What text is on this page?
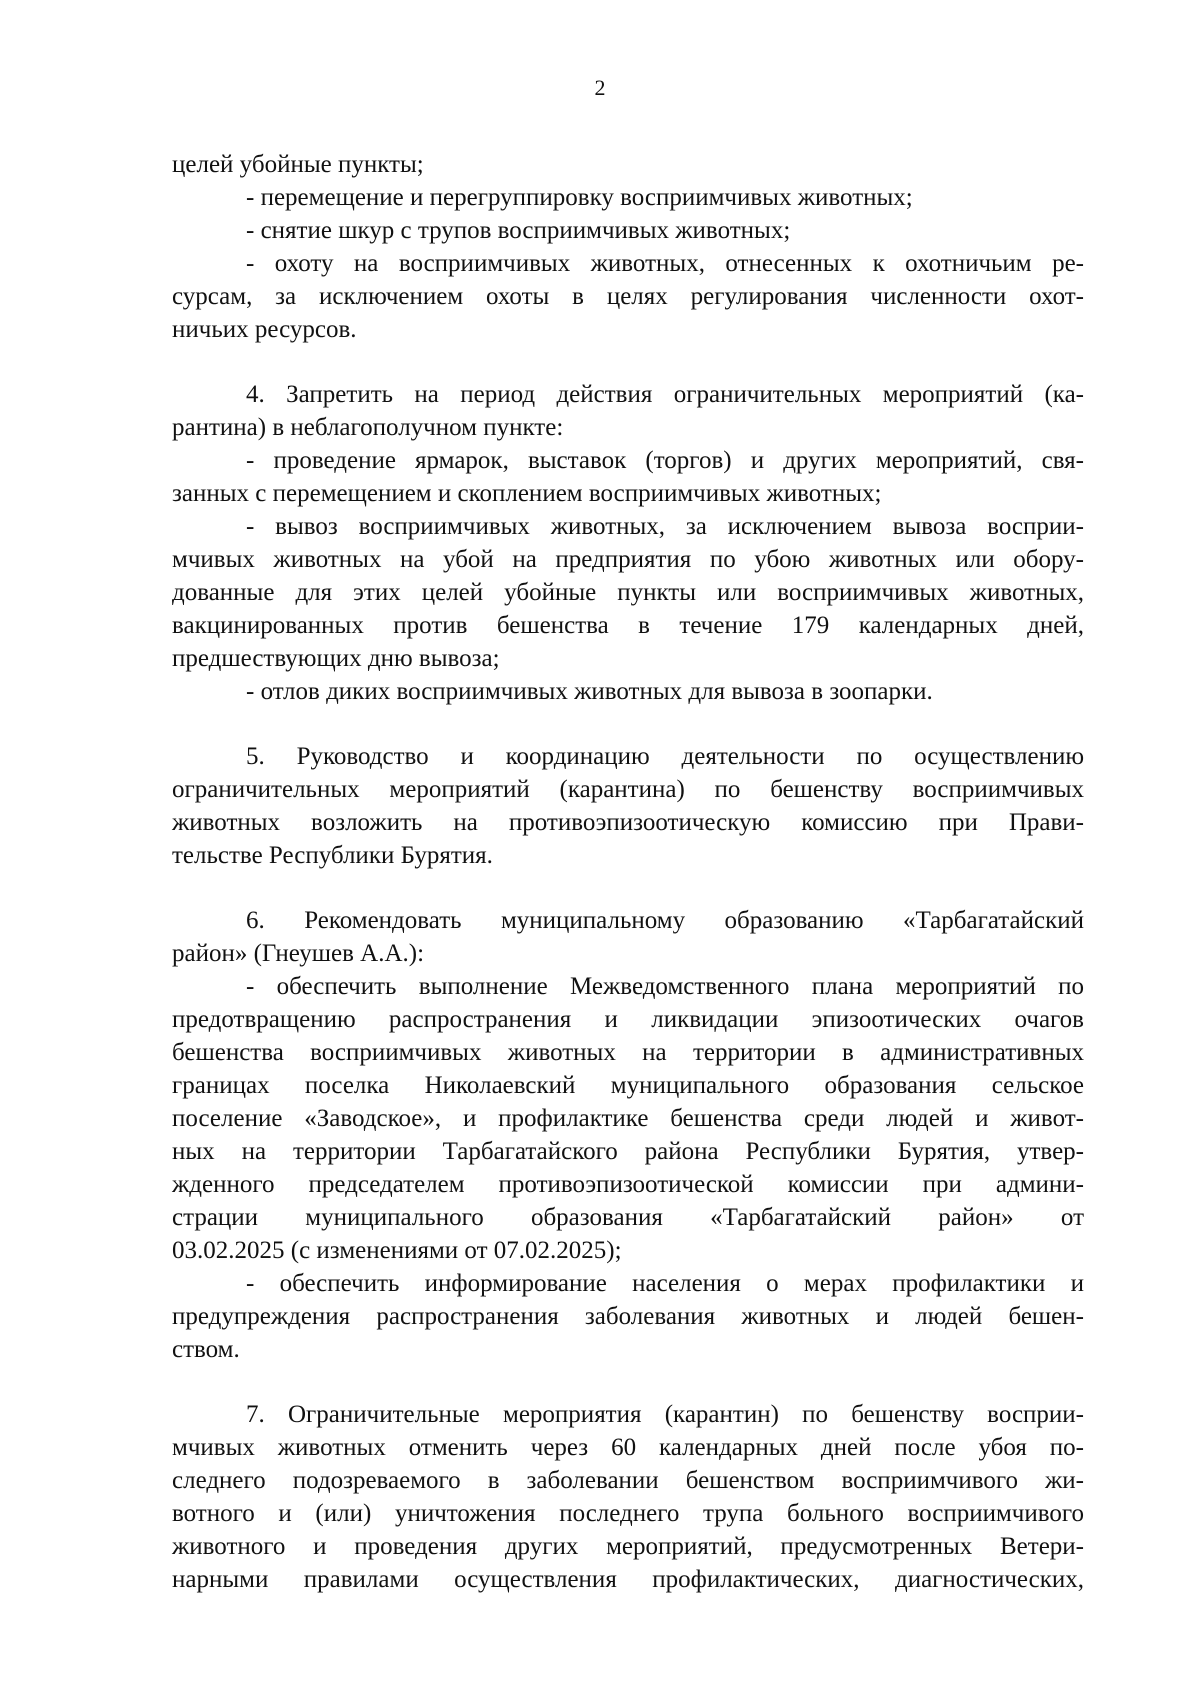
2
целей убойные пункты;
- перемещение и перегруппировку восприимчивых животных;
- снятие шкур с трупов восприимчивых животных;
- охоту на восприимчивых животных, отнесенных к охотничьим ре-
сурсам, за исключением охоты в целях регулирования численности охот-
ничьих ресурсов.
4. Запретить на период действия ограничительных мероприятий (ка-
рантина) в неблагополучном пункте:
- проведение ярмарок, выставок (торгов) и других мероприятий, свя-
занных с перемещением и скоплением восприимчивых животных;
- вывоз восприимчивых животных, за исключением вывоза восприи-
мчивых животных на убой на предприятия по убою животных или обору-
дованные для этих целей убойные пункты или восприимчивых животных,
вакцинированных против бешенства в течение 179 календарных дней,
предшествующих дню вывоза;
- отлов диких восприимчивых животных для вывоза в зоопарки.
5. Руководство и координацию деятельности по осуществлению
ограничительных мероприятий (карантина) по бешенству восприимчивых
животных возложить на противоэпизоотическую комиссию при Прави-
тельстве Республики Бурятия.
6. Рекомендовать муниципальному образованию «Тарбагатайский
район» (Гнеушев А.А.):
- обеспечить выполнение Межведомственного плана мероприятий по
предотвращению распространения и ликвидации эпизоотических очагов
бешенства восприимчивых животных на территории в административных
границах поселка Николаевский муниципального образования сельское
поселение «Заводское», и профилактике бешенства среди людей и живот-
ных на территории Тарбагатайского района Республики Бурятия, утвер-
жденного председателем противоэпизоотической комиссии при админи-
страции муниципального образования «Тарбагатайский район» от
03.02.2025 (с изменениями от 07.02.2025);
- обеспечить информирование населения о мерах профилактики и
предупреждения распространения заболевания животных и людей бешен-
ством.
7. Ограничительные мероприятия (карантин) по бешенству восприи-
мчивых животных отменить через 60 календарных дней после убоя по-
следнего подозреваемого в заболевании бешенством восприимчивого жи-
вотного и (или) уничтожения последнего трупа больного восприимчивого
животного и проведения других мероприятий, предусмотренных Ветери-
нарными правилами осуществления профилактических, диагностических,
